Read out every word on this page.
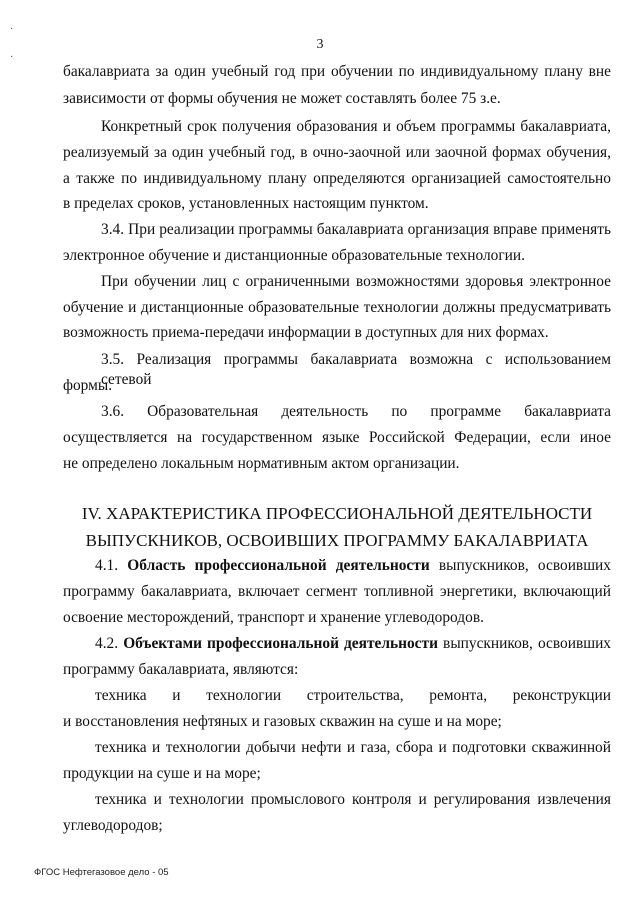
·
·
3
бакалавриата за один учебный год при обучении по индивидуальному плану вне
зависимости от формы обучения не может составлять более 75 з.е.
Конкретный срок получения образования и объем программы бакалавриата,
реализуемый за один учебный год, в очно-заочной или заочной формах обучения,
а также по индивидуальному плану определяются организацией самостоятельно
в пределах сроков, установленных настоящим пунктом.
3.4. При реализации программы бакалавриата организация вправе применять
электронное обучение и дистанционные образовательные технологии.
При обучении лиц с ограниченными возможностями здоровья электронное
обучение и дистанционные образовательные технологии должны предусматривать
возможность приема-передачи информации в доступных для них формах.
3.5. Реализация программы бакалавриата возможна с использованием сетевой
формы.
3.6. Образовательная деятельность по программе бакалавриата
осуществляется на государственном языке Российской Федерации, если иное
не определено локальным нормативным актом организации.
IV. ХАРАКТЕРИСТИКА ПРОФЕССИОНАЛЬНОЙ ДЕЯТЕЛЬНОСТИ
ВЫПУСКНИКОВ, ОСВОИВШИХ ПРОГРАММУ БАКАЛАВРИАТА
4.1. Область профессиональной деятельности выпускников, освоивших
программу бакалавриата, включает сегмент топливной энергетики, включающий
освоение месторождений, транспорт и хранение углеводородов.
4.2. Объектами профессиональной деятельности выпускников, освоивших
программу бакалавриата, являются:
техника и технологии строительства, ремонта, реконструкции
и восстановления нефтяных и газовых скважин на суше и на море;
техника и технологии добычи нефти и газа, сбора и подготовки скважинной
продукции на суше и на море;
техника и технологии промыслового контроля и регулирования извлечения
углеводородов;
ФГОС Нефтегазовое дело - 05
